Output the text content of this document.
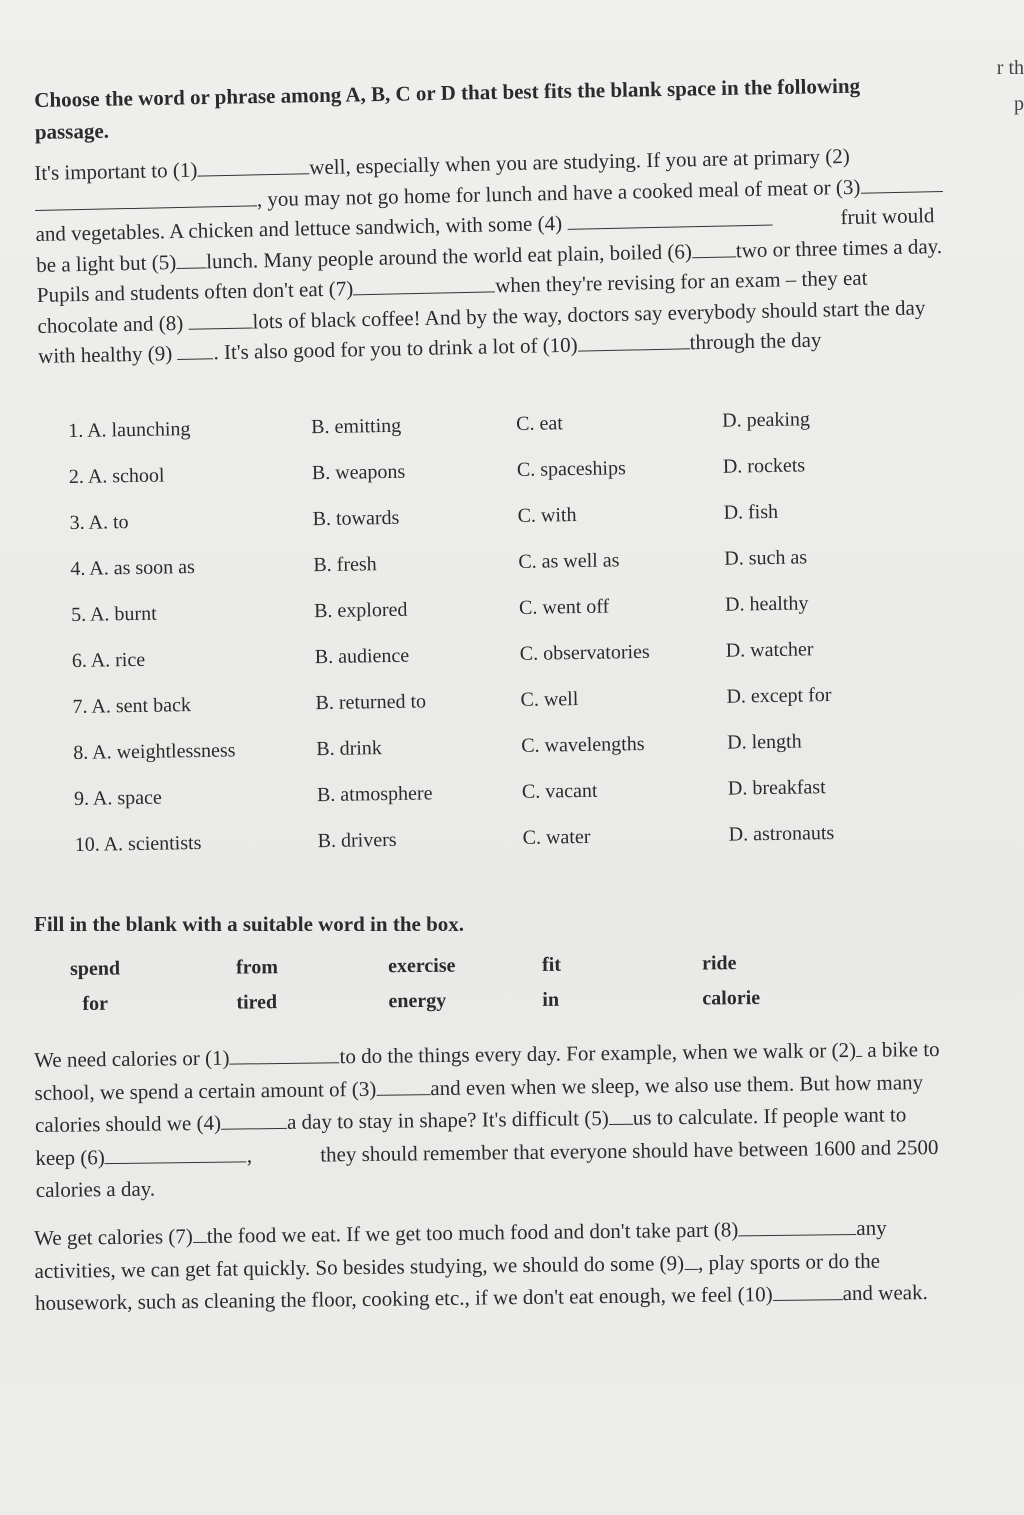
r th
p
Choose the word or phrase among A, B, C or D that best fits the blank space in the following passage.
It's important to (1)	well, especially when you are studying. If you are at primary (2), you may not go home for lunch and have a cooked meal of meat or (3) and vegetables. A chicken and lettuce sandwich, with some (4)	fruit would be a light but (5) lunch. Many people around the world eat plain, boiled (6) two or three times a day. Pupils and students often don't eat (7)	when they're revising for an exam – they eat chocolate and (8)	lots of black coffee! And by the way, doctors say everybody should start the day with healthy (9) . It's also good for you to drink a lot of (10)	through the day
1. A. launching	B. emitting	C. eat	D. peaking
2. A. school	B. weapons	C. spaceships	D. rockets
3. A. to	B. towards	C. with	D. fish
4. A. as soon as	B. fresh	C. as well as	D. such as
5. A. burnt	B. explored	C. went off	D. healthy
6. A. rice	B. audience	C. observatories	D. watcher
7. A. sent back	B. returned to	C. well	D. except for
8. A. weightlessness	B. drink	C. wavelengths	D. length
9. A. space	B. atmosphere	C. vacant	D. breakfast
10. A. scientists	B. drivers	C. water	D. astronauts
Fill in the blank with a suitable word in the box.
spend	from	exercise	fit	ride
for	tired	energy	in	calorie
We need calories or (1)	to do the things every day. For example, when we walk or (2) a bike to school, we spend a certain amount of (3)	and even when we sleep, we also use them. But how many calories should we (4)	a day to stay in shape? It's difficult (5) us to calculate. If people want to keep (6)	,	they should remember that everyone should have between 1600 and 2500 calories a day.
We get calories (7) the food we eat. If we get too much food and don't take part (8)	any activities, we can get fat quickly. So besides studying, we should do some (9) , play sports or do the housework, such as cleaning the floor, cooking etc., if we don't eat enough, we feel (10)	and weak.
